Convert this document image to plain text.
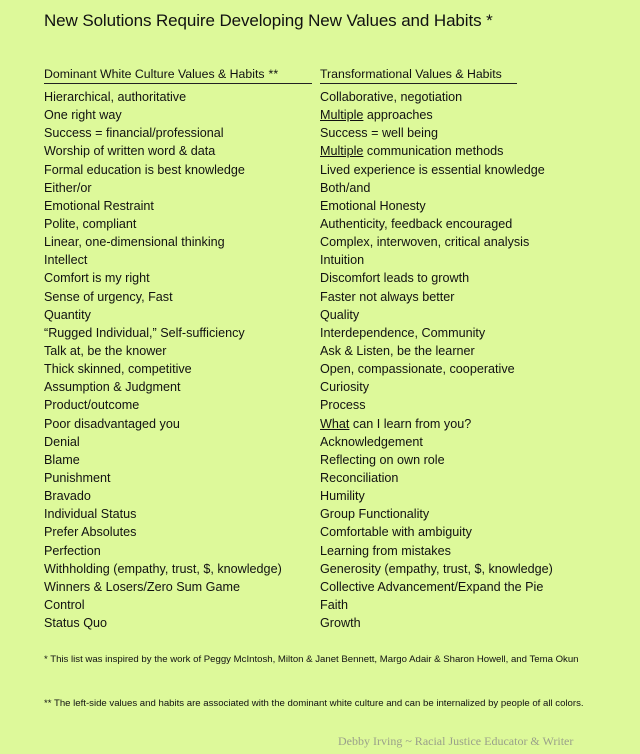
New Solutions Require Developing New Values and Habits *
Dominant White Culture Values & Habits **	Transformational Values & Habits
Hierarchical, authoritative	Collaborative, negotiation
One right way	Multiple approaches
Success = financial/professional	Success = well being
Worship of written word & data	Multiple communication methods
Formal education is best knowledge	Lived experience is essential knowledge
Either/or	Both/and
Emotional Restraint	Emotional Honesty
Polite, compliant	Authenticity, feedback encouraged
Linear, one-dimensional thinking	Complex, interwoven, critical analysis
Intellect	Intuition
Comfort is my right	Discomfort leads to growth
Sense of urgency, Fast	Faster not always better
Quantity	Quality
“Rugged Individual,” Self-sufficiency	Interdependence, Community
Talk at, be the knower	Ask & Listen, be the learner
Thick skinned, competitive	Open, compassionate, cooperative
Assumption & Judgment	Curiosity
Product/outcome	Process
Poor disadvantaged you	What can I learn from you?
Denial	Acknowledgement
Blame	Reflecting on own role
Punishment	Reconciliation
Bravado	Humility
Individual Status	Group Functionality
Prefer Absolutes	Comfortable with ambiguity
Perfection	Learning from mistakes
Withholding (empathy, trust, $, knowledge)	Generosity (empathy, trust, $, knowledge)
Winners & Losers/Zero Sum Game	Collective Advancement/Expand the Pie
Control	Faith
Status Quo	Growth
* This list was inspired by the work of Peggy McIntosh, Milton & Janet Bennett, Margo Adair & Sharon Howell, and Tema Okun
** The left-side values and habits are associated with the dominant white culture and can be internalized by people of all colors.
Debby Irving ~ Racial Justice Educator & Writer
